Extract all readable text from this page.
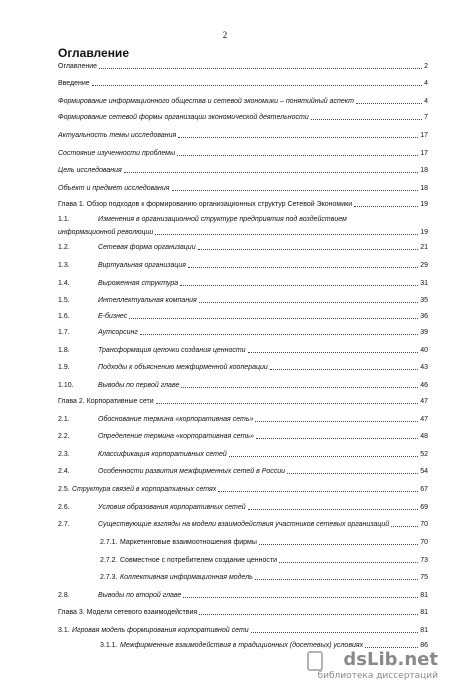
2
Оглавление
Оглавление	2
Введение	4
Формирование информационного общества и сетевой экономики – понятийный аспект	4
Формирование сетевой формы организации экономической деятельности	7
Актуальность темы исследования	17
Состояние изученности проблемы	17
Цель исследования	18
Объект и предмет исследования	18
Глава 1. Обзор подходов к формированию организационных структур Сетевой Экономики	19
1.1.	Изменения в организационной структуре предприятия под воздействием
информационной революции	19
1.2.	Сетевая форма организации	21
1.3.	Виртуальная организация	29
1.4.	Выроженная структура	31
1.5.	Интеллектуальная компания	35
1.6.	Е-бизнес	36
1.7.	Аутсорсинг	39
1.8.	Трансформация цепочки создания ценности	40
1.9.	Подходы к объяснению межфирменной кооперации	43
1.10.	Выводы по первой главе	46
Глава 2. Корпоративные сети	47
2.1.	Обоснование термина «корпоративная сеть»	47
2.2.	Определение термина «корпоративная сеть»	48
2.3.	Классификация корпоративных сетей	52
2.4.	Особенности развития межфирменных сетей в России	54
2.5. Структура связей в корпоративных сетях	67
2.6.	Условия образования корпоративных сетей	69
2.7.	Существующие взгляды на модели взаимодействия участников сетевых организаций	70
2.7.1. Маркетинговые взаимоотношения фирмы	70
2.7.2. Совместное с потребителем создание ценности	73
2.7.3. Коллективная информационная модель	75
2.8.	Выводы по второй главе	81
Глава 3. Модели сетевого взаимодействия	81
3.1. Игровая модель формирования корпоративной сети	81
3.1.1. Межфирменные взаимодействия в традиционных (досетевых) условиях	86
dsLib.net
библиотека диссертаций
